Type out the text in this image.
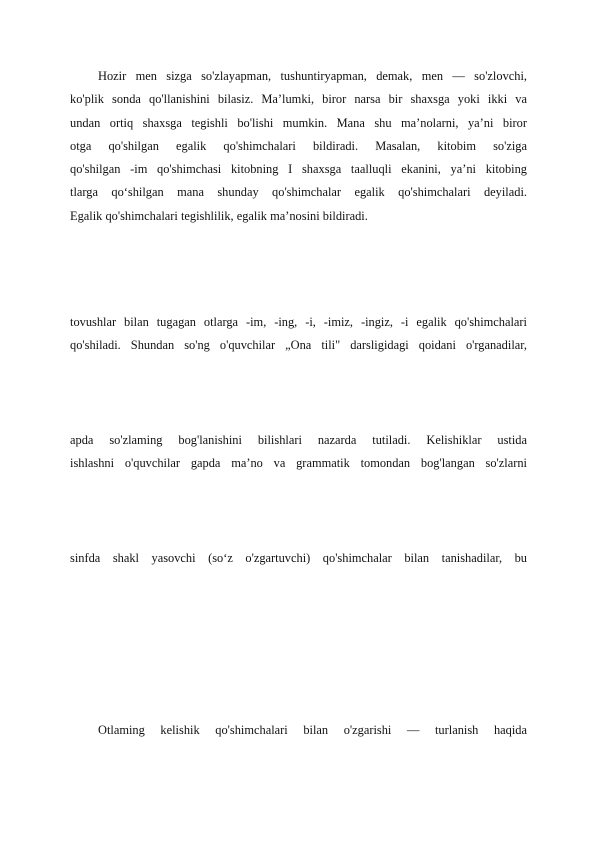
Hozir men sizga so'zlayapman, tushuntiryapman, demak, men — so'zlovchi,
ko'plik sonda qo'llanishini bilasiz. Ma’lumki, biror narsa bir shaxsga yoki ikki va
undan ortiq shaxsga tegishli bo'lishi mumkin. Mana shu ma’nolarni, ya’ni biror
otga qo'shilgan egalik qo'shimchalari bildiradi. Masalan, kitobim so'ziga
qo'shilgan -im qo'shimchasi kitobning I shaxsga taalluqli ekanini, ya’ni kitobing
tlarga qo‘shilgan mana shunday qo'shimchalar egalik qo'shimchalari deyiladi.
Egalik qo'shimchalari tegishlilik, egalik ma’nosini bildiradi.
tovushlar bilan tugagan otlarga -im, -ing, -i, -imiz, -ingiz, -i egalik qo'shimchalari
qo'shiladi. Shundan so'ng o'quvchilar „Ona tili" darsligidagi qoidani o'rganadilar,
apda so'zlaming bog'lanishini bilishlari nazarda tutiladi. Kelishiklar ustida
ishlashni o'quvchilar gapda ma’no va grammatik tomondan bog'langan so'zlarni
sinfda shakl yasovchi (so‘z o'zgartuvchi) qo'shimchalar bilan tanishadilar, bu
Otlaming kelishik qo'shimchalari bilan o'zgarishi — turlanish haqida
